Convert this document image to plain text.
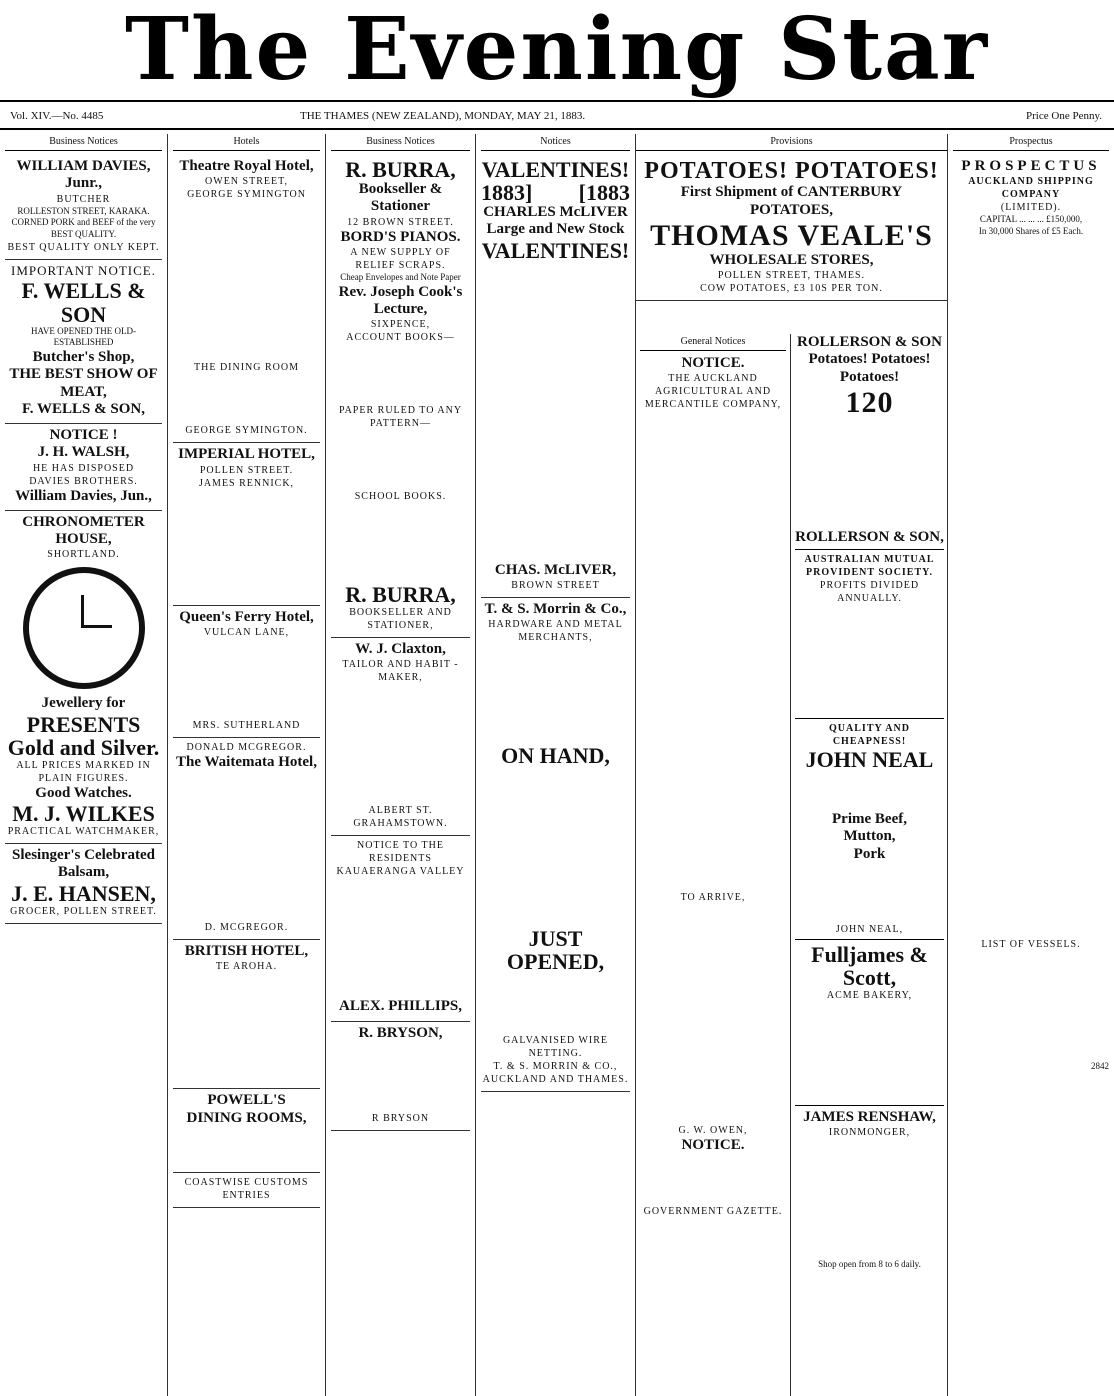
The Evening Star
Vol. XIV.—No. 4485	THE THAMES (NEW ZEALAND), MONDAY, MAY 21, 1883.	Price One Penny.
Business Notices
WILLIAM DAVIES, Junr.,
BUTCHER
ROLLESTON STREET, KARAKA.
CORNED PORK and BEEF of the very BEST QUALITY.
BEST QUALITY ONLY KEPT.
IMPORTANT NOTICE.
F. WELLS & SON
HAVE OPENED THE OLD-ESTABLISHED
Butcher's Shop,
THE BEST SHOW OF MEAT,
F. WELLS & SON,
NOTICE !
J. H. WALSH,
HE HAS DISPOSED
DAVIES BROTHERS.
William Davies, Jun.,
CHRONOMETER HOUSE,
SHORTLAND.
Jewellery for
PRESENTS
Gold and Silver.
ALL PRICES MARKED IN PLAIN FIGURES.
Good Watches.
M. J. WILKES
PRACTICAL WATCHMAKER,
Slesinger's Celebrated Balsam,
J. E. HANSEN,
GROCER, POLLEN STREET.
Hotels
Theatre Royal Hotel,
OWEN STREET,
GEORGE SYMINGTON
THE DINING ROOM
GEORGE SYMINGTON.
IMPERIAL HOTEL,
POLLEN STREET.
JAMES RENNICK,
Queen's Ferry Hotel,
VULCAN LANE,
MRS. SUTHERLAND
DONALD MCGREGOR.
The Waitemata Hotel,
D. MCGREGOR.
BRITISH HOTEL,
TE AROHA.
POWELL'S
DINING ROOMS,
COASTWISE CUSTOMS ENTRIES
Business Notices
R. BURRA,
Bookseller & Stationer
12 BROWN STREET.
BORD'S PIANOS.
A NEW SUPPLY OF RELIEF SCRAPS.
Cheap Envelopes and Note Paper
Rev. Joseph Cook's Lecture,
SIXPENCE,
ACCOUNT BOOKS—
PAPER RULED TO ANY PATTERN—
SCHOOL BOOKS.
R. BURRA,
BOOKSELLER AND STATIONER,
W. J. Claxton,
TAILOR AND HABIT - MAKER,
ALBERT ST. GRAHAMSTOWN.
NOTICE TO THE RESIDENTS
KAUAERANGA VALLEY
ALEX. PHILLIPS,
R. BRYSON,
R BRYSON
Notices
VALENTINES!
1883] [1883
CHARLES McLIVER
Large and New Stock
VALENTINES!
CHAS. McLIVER,
BROWN STREET
T. & S. Morrin & Co.,
HARDWARE AND METAL MERCHANTS,
ON HAND,
JUST OPENED,
GALVANISED WIRE NETTING.
T. & S. MORRIN & CO.,
AUCKLAND AND THAMES.
Provisions
POTATOES! POTATOES!
First Shipment of CANTERBURY
POTATOES,
THOMAS VEALE'S
WHOLESALE STORES,
POLLEN STREET, THAMES.
COW POTATOES, £3 10S PER TON.
General Notices
NOTICE.
THE AUCKLAND AGRICULTURAL AND MERCANTILE COMPANY,
TO ARRIVE,
G. W. OWEN,
NOTICE.
GOVERNMENT GAZETTE.
ROLLERSON & SON
Potatoes! Potatoes!
Potatoes!
120
ROLLERSON & SON,
AUSTRALIAN MUTUAL PROVIDENT SOCIETY.
PROFITS DIVIDED ANNUALLY.
QUALITY AND CHEAPNESS!
JOHN NEAL
Prime Beef,
Mutton,
Pork
JOHN NEAL,
Fulljames & Scott,
ACME BAKERY,
JAMES RENSHAW,
IRONMONGER,
Shop open from 8 to 6 daily.
Prospectus
PROSPECTUS
AUCKLAND SHIPPING COMPANY
(LIMITED).
CAPITAL ... ... ... £150,000,
In 30,000 Shares of £5 Each.
LIST OF VESSELS.
2842
